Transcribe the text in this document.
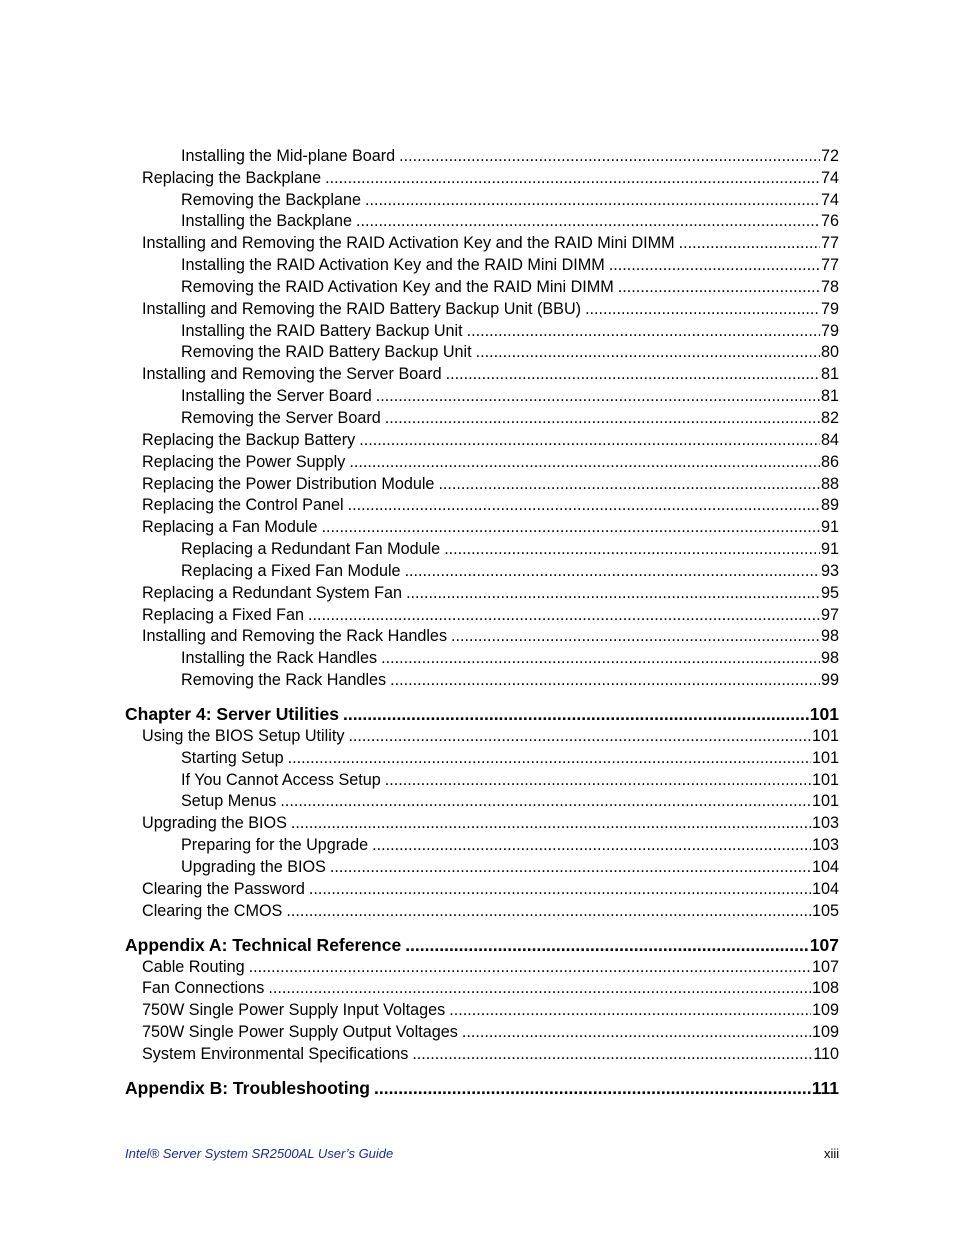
Installing the Mid-plane Board .....	72
Replacing the Backplane .....	74
Removing the Backplane .....	74
Installing the Backplane .....	76
Installing and Removing the RAID Activation Key and the RAID Mini DIMM .....	77
Installing the RAID Activation Key and the RAID Mini DIMM .....	77
Removing the RAID Activation Key and the RAID Mini DIMM .....	78
Installing and Removing the RAID Battery Backup Unit (BBU) .....	79
Installing the RAID Battery Backup Unit .....	79
Removing the RAID Battery Backup Unit .....	80
Installing and Removing the Server Board .....	81
Installing the Server Board .....	81
Removing the Server Board .....	82
Replacing the Backup Battery .....	84
Replacing the Power Supply .....	86
Replacing the Power Distribution Module .....	88
Replacing the Control Panel .....	89
Replacing a Fan Module .....	91
Replacing a Redundant Fan Module .....	91
Replacing a Fixed Fan Module .....	93
Replacing a Redundant System Fan .....	95
Replacing a Fixed Fan .....	97
Installing and Removing the Rack Handles .....	98
Installing the Rack Handles .....	98
Removing the Rack Handles .....	99
Chapter 4: Server Utilities .....	101
Using the BIOS Setup Utility .....	101
Starting Setup .....	101
If You Cannot Access Setup .....	101
Setup Menus .....	101
Upgrading the BIOS .....	103
Preparing for the Upgrade .....	103
Upgrading the BIOS .....	104
Clearing the Password .....	104
Clearing the CMOS .....	105
Appendix A: Technical Reference .....	107
Cable Routing .....	107
Fan Connections .....	108
750W Single Power Supply Input Voltages .....	109
750W Single Power Supply Output Voltages .....	109
System Environmental Specifications .....	110
Appendix B: Troubleshooting .....	111
Intel® Server System SR2500AL User’s Guide	xiii
